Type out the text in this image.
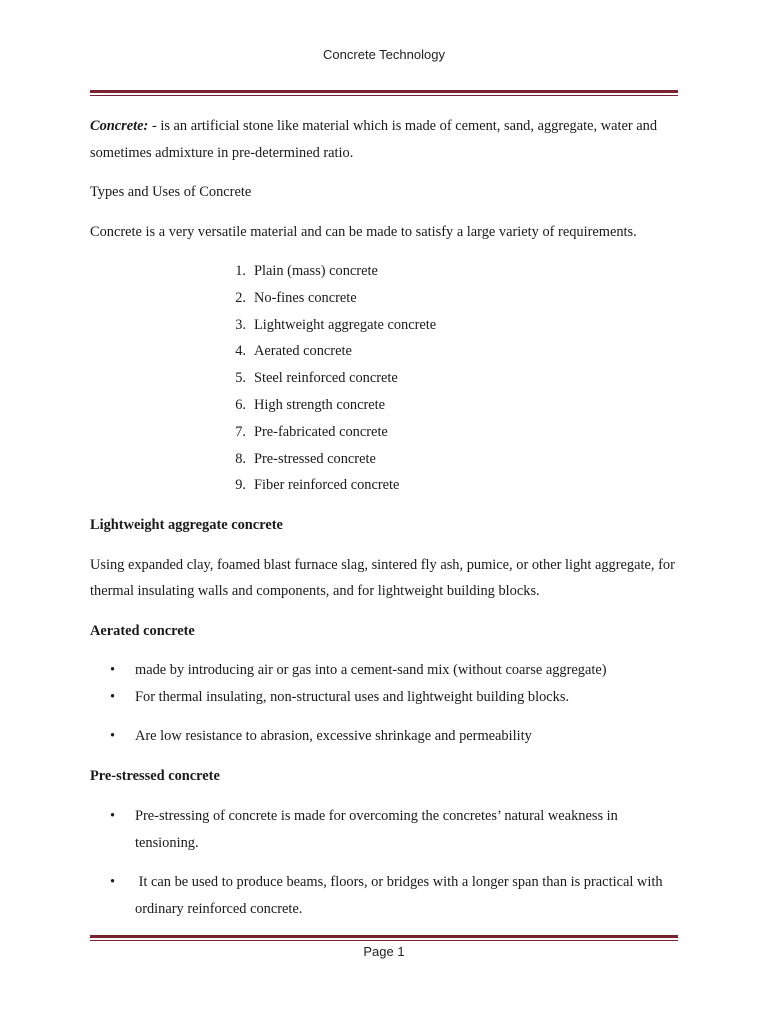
Concrete Technology

Concrete: - is an artificial stone like material which is made of cement, sand, aggregate, water and sometimes admixture in pre-determined ratio.

Types and Uses of Concrete

Concrete is a very versatile material and can be made to satisfy a large variety of requirements.

1. Plain (mass) concrete
2. No-fines concrete
3. Lightweight aggregate concrete
4. Aerated concrete
5. Steel reinforced concrete
6. High strength concrete
7. Pre-fabricated concrete
8. Pre-stressed concrete
9. Fiber reinforced concrete
Lightweight aggregate concrete

Using expanded clay, foamed blast furnace slag, sintered fly ash, pumice, or other light aggregate, for thermal insulating walls and components, and for lightweight building blocks.

Aerated concrete
•	made by introducing air or gas into a cement-sand mix (without coarse aggregate)
•	For thermal insulating, non-structural uses and lightweight building blocks.
•	Are low resistance to abrasion, excessive shrinkage and permeability
Pre-stressed concrete
•	Pre-stressing of concrete is made for overcoming the concretes’ natural weakness in tensioning.
•	It can be used to produce beams, floors, or bridges with a longer span than is practical with ordinary reinforced concrete.
Page 1
